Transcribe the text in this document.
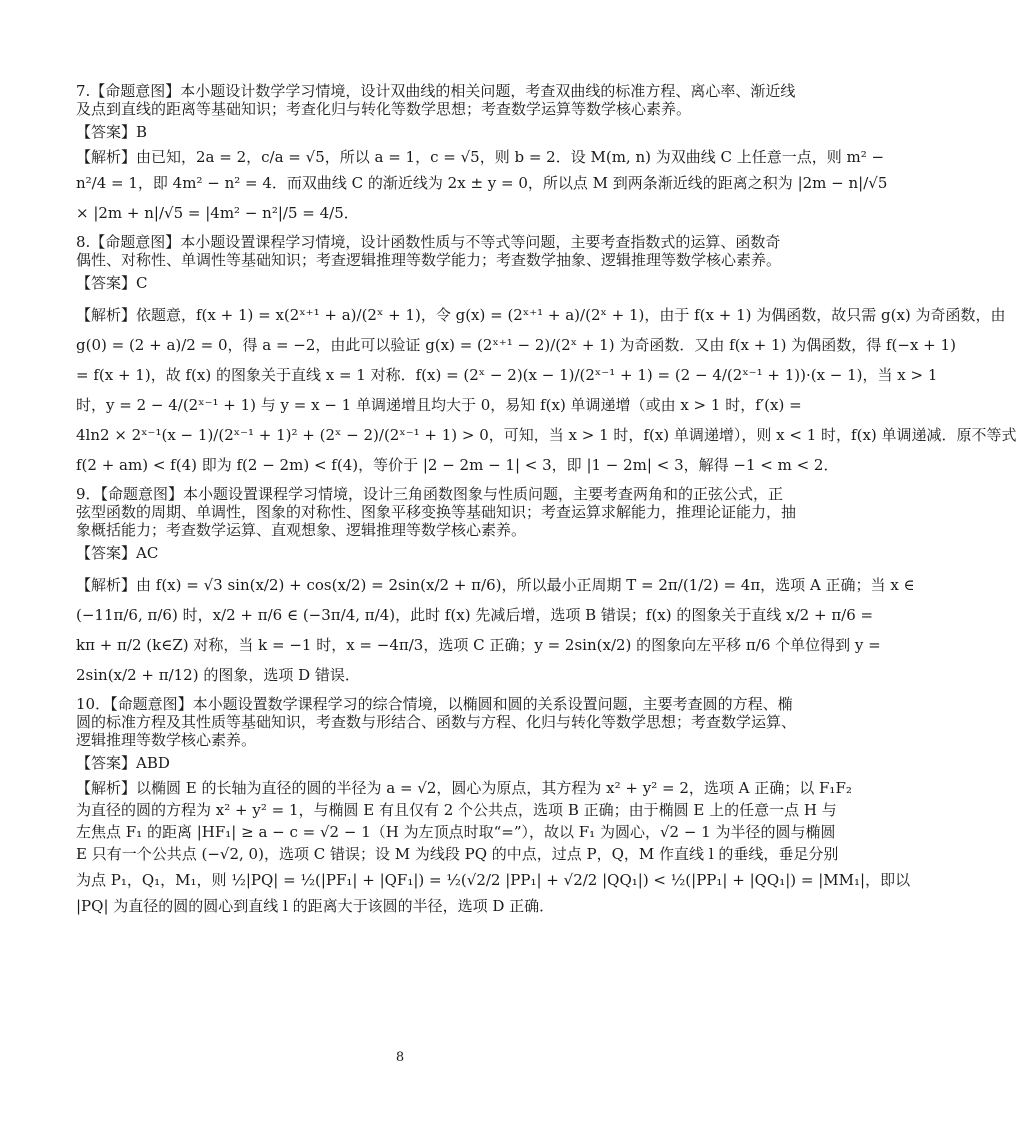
7.【命题意图】本小题设计数学学习情境，设计双曲线的相关问题，考查双曲线的标准方程、离心率、渐近线

及点到直线的距离等基础知识；考查化归与转化等数学思想；考查数学运算等数学核心素养。

【答案】B

【解析】由已知，2a = 2，c/a = √5，所以 a = 1，c = √5，则 b = 2．设 M(m, n) 为双曲线 C 上任意一点，则 m² −

n²/4 = 1，即 4m² − n² = 4．而双曲线 C 的渐近线为 2x ± y = 0，所以点 M 到两条渐近线的距离之积为 |2m − n|/√5

× |2m + n|/√5 = |4m² − n²|/5 = 4/5．

8.【命题意图】本小题设置课程学习情境，设计函数性质与不等式等问题，主要考查指数式的运算、函数奇

偶性、对称性、单调性等基础知识；考查逻辑推理等数学能力；考查数学抽象、逻辑推理等数学核心素养。

【答案】C

【解析】依题意，f(x + 1) = x(2ˣ⁺¹ + a)/(2ˣ + 1)，令 g(x) = (2ˣ⁺¹ + a)/(2ˣ + 1)，由于 f(x + 1) 为偶函数，故只需 g(x) 为奇函数，由

g(0) = (2 + a)/2 = 0，得 a = −2，由此可以验证 g(x) = (2ˣ⁺¹ − 2)/(2ˣ + 1) 为奇函数．又由 f(x + 1) 为偶函数，得 f(−x + 1)

= f(x + 1)，故 f(x) 的图象关于直线 x = 1 对称．f(x) = (2ˣ − 2)(x − 1)/(2ˣ⁻¹ + 1) = (2 − 4/(2ˣ⁻¹ + 1))·(x − 1)，当 x > 1

时，y = 2 − 4/(2ˣ⁻¹ + 1) 与 y = x − 1 单调递增且均大于 0，易知 f(x) 单调递增（或由 x > 1 时，f′(x) =

4ln2 × 2ˣ⁻¹(x − 1)/(2ˣ⁻¹ + 1)² + (2ˣ − 2)/(2ˣ⁻¹ + 1) > 0，可知，当 x > 1 时，f(x) 单调递增），则 x < 1 时，f(x) 单调递减．原不等式

f(2 + am) < f(4) 即为 f(2 − 2m) < f(4)，等价于 |2 − 2m − 1| < 3，即 |1 − 2m| < 3，解得 −1 < m < 2．

9．【命题意图】本小题设置课程学习情境，设计三角函数图象与性质问题，主要考查两角和的正弦公式，正

弦型函数的周期、单调性，图象的对称性、图象平移变换等基础知识；考查运算求解能力，推理论证能力，抽

象概括能力；考查数学运算、直观想象、逻辑推理等数学核心素养。

【答案】AC

【解析】由 f(x) = √3 sin(x/2) + cos(x/2) = 2sin(x/2 + π/6)，所以最小正周期 T = 2π/(1/2) = 4π，选项 A 正确；当 x ∈

(−11π/6, π/6) 时，x/2 + π/6 ∈ (−3π/4, π/4)，此时 f(x) 先减后增，选项 B 错误；f(x) 的图象关于直线 x/2 + π/6 =

kπ + π/2 (k∈Z) 对称，当 k = −1 时，x = −4π/3，选项 C 正确；y = 2sin(x/2) 的图象向左平移 π/6 个单位得到 y =

2sin(x/2 + π/12) 的图象，选项 D 错误．

10．【命题意图】本小题设置数学课程学习的综合情境，以椭圆和圆的关系设置问题，主要考查圆的方程、椭

圆的标准方程及其性质等基础知识，考查数与形结合、函数与方程、化归与转化等数学思想；考查数学运算、

逻辑推理等数学核心素养。

【答案】ABD

【解析】以椭圆 E 的长轴为直径的圆的半径为 a = √2，圆心为原点，其方程为 x² + y² = 2，选项 A 正确；以 F₁F₂

为直径的圆的方程为 x² + y² = 1，与椭圆 E 有且仅有 2 个公共点，选项 B 正确；由于椭圆 E 上的任意一点 H 与

左焦点 F₁ 的距离 |HF₁| ≥ a − c = √2 − 1（H 为左顶点时取“=”），故以 F₁ 为圆心，√2 − 1 为半径的圆与椭圆

E 只有一个公共点 (−√2, 0)，选项 C 错误；设 M 为线段 PQ 的中点，过点 P，Q，M 作直线 l 的垂线，垂足分别

为点 P₁，Q₁，M₁，则 ½|PQ| = ½(|PF₁| + |QF₁|) = ½(√2/2 |PP₁| + √2/2 |QQ₁|) < ½(|PP₁| + |QQ₁|) = |MM₁|，即以

|PQ| 为直径的圆的圆心到直线 l 的距离大于该圆的半径，选项 D 正确．

8
